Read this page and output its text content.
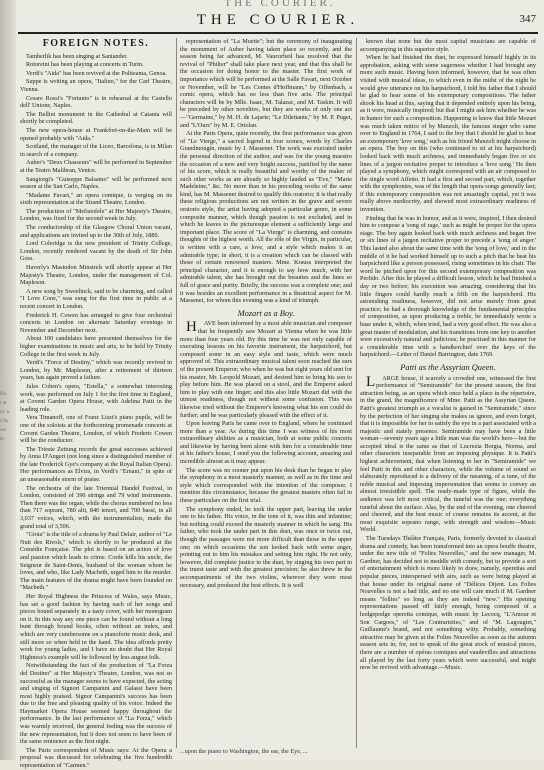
THE COURIER.
THE COURIER.	347
FOREIGN NOTES.

Tamberlik has been singing at Santander.

Rotoreini has been playing at concerts in Turin.

Verdi's "Aida" has been revived at the Politeama, Genoa.

Suppe is writing an opera, "Italino," for the Carl Theatre, Vienna.

Cesare Rossi's "Fortunio" is in rehearsal at the Castello dell' Unione, Naples.

The Bellini monument in the Cathedral at Catania will shortly be completed.

The new opera-house at Frankfort-on-the-Main will be opened probably with "Aida."

Scotland, the manager of the Liceo, Barcelona, is in Milan in search of a company.

Auber's "Deux Chasseurs" will be performed in September at the Teatro Malibran, Venice.

Sangiorgi's "Guiseppe Balsamo" will be performed next season at the San Carlo, Naples.

"Madame Favart," an opera comique, is verging on its sixth representation at the Strand Theatre, London.

The production of "Mefistofele" at Her Majesty's Theatre, London, was fixed for the second week in July.

The conductorship of the Glasgow Choral Union vacant, and applications are invited up to the 30th of July, 1880.

Lord Coleridge is the new president of Trinity College, London, recently rendered vacant by the death of Sir John Goss.

Haverly's Mastodon Minstrels will shortly appear at Her Majesty's Theatre, London, under the management of Col. Mapleson.

A new song by Sweelinck, said to be charming, and called "I Love Cone," was sung for the first time in public at a recent concert in London.

Frederick H. Cowen has arranged to give four orchestral concerts in London on alternate Saturday evenings in November and December next.

About 100 candidates have presented themselves for the higher examinations in music and arts, to be held by Trinity College in the first week in July.

Verdi's "Force of Destiny," which was recently revived in London, by Mr. Mapleson, after a retirement of thirteen years, has again proved a failure.

Jules Cohen's opera, "Estella," a somewhat interesting work, was performed on July 1 for the first time in England, at Covent Garden Opera House, with Adelina Patti in the leading role.

Vera Timanoff, one of Franz Liszt's piano pupils, will be one of the soloists at the forthcoming promenade concerts at Covent Garden Theatre, London, of which Frederic Cowen will be the conductor.

The Trieste Zeitung records the great successes achieved by Anna D'Angeri (not long since a distinguished member of the late Frederick Gye's company at the Royal Italian Opera). Her performances as Elvira, in Verdi's "Ernani," in spite of an unseasonable storm of praise.

The orchestra of the late Triennial Handel Festival, in London, consisted of 390 strings and 79 wind instruments. Then there was the organ, while the chorus numbered no less than 717 soprani, 780 alti, 840 tenori, and 700 bassi, in all 3,037 voices, which, with the instrumentalists, made the grand total of 3,506.

"Gioia" is the title of a drama by Paul Delair, author of "Le Nuit des Rivols," which is shortly to be produced at the Comédie Française. The plot is based on an action of love and passion which leads to crime. Corde kills his uncle, the Seigneur de Saint-Denis, husband of the woman whom he loves, and who, like Lady Macbeth, urged him to the murder. The main features of the drama might have been founded on "Macbeth."

Her Royal Highness the Princess of Wales, says Music, has set a good fashion by having each of her songs and pieces bound separately in a tasty cover, with her monogram on it. In this way any one piece can be found without a long hunt through bound books, often without an index, and which are very cumbersome on a pianoforte music desk, and still more so when held in the hand. The idea affords pretty work for young ladies, and I have no doubt that Her Royal Highness's example will be followed by less august folk.

Notwithstanding the fact of the production of "La Forza del Destino" at Her Majesty's Theatre, London, was not so successful as the manager seems to have expected, the acting and singing of Signori Campanini and Galassi have been most highly praised. Signor Campanini's success has been due to the free and pleasing quality of his voice. Indeed the Haymarket Opera House seemed happy throughout the performance. In the last performance of "La Forza," which was warmly received, the general feeling was the success of the new representation, but it does not seem to have been of the same eminence as the first night.

The Paris correspondent of Music says: At the Opera a proposal was discussed for celebrating the five hundredth representation of "Carmen."

representation of "La Muette"; but the ceremony of inaugurating the monument of Auber having taken place so recently, and the season being far advanced, M. Vaucorbeil has resolved that the revival of "Philter" shall take place next year, and that this shall be the occasion for doing honor to the master. The first work of importance which will be performed at the Salle Favart, next October or November, will be "Les Contes d'Hoffmann," by Offenbach, a comic opera, which has no less than five acts. The principal characters will be by Mlle. Isaac, M. Talazac, and M. Taskin. It will be preceded by other novelties, but they are works of only one act—"Germaine," by M. H. de Lajarte; "Le Dilettante," by M. P. Puget, and "L'Ours" by M. E. Ortolan.

At the Paris Opera, quite recently, the first performance was given of "Le Vierge," a sacred legend in four scenes, words by Charles Grandmougin, music by J. Massenet. The work was executed under the personal direction of the author, and was for the young maestro the occasion of a new and very bright success, justified by the name of his score, which is really beautiful and worthy of the maker of such other works as are already so highly lauded as "Eve," "Marie Madeleine," &c. No more than in his preceding works of the same kind, has M. Massenet desired to qualify this oratorio; it is that really these religious productions are not written in the grave and severe oratorio style, the artist having adopted a particular genre, in some composite manner, which though passion is not excluded, and in which he leaves to the picturesque element a sufficiently large and important place. The score of "La Vierge" is charming, and contains thoughts of the highest worth. All the rôle of the Virgin, in particular, is written with a care, a love, and a style which makes it an admirable type; in short, it is a creation which can be classed with those of certain renowned masters. Mme. Krauss interpreted the principal character, and it is enough to say how much, with her admirable talent, she has brought out the beauties and the lines so full of grace and purity. Briefly, the success was a complete one; and it was besides an excellent performance in a theatrical aspect for M. Massenet, for whom this evening was a kind of triumph.

Mozart as a Boy.

HAVE been informed by a most able musician and composer that he frequently saw Mozart at Vienna when he was little more than four years old. By this time he was not only capable of executing lessons on his favorite instrument, the harpsichord, but composed some in an easy style and taste, which were much approved of. This extraordinary musical talent soon reached the ears of the present Emperor; who when he was but eight years old sent for his master, Mr. Leopold Mozart, and desired him to bring his son to play before him. He was placed on a stool, and the Emperor asked him to play with one finger; and this also little Mozart did with the utmost readiness, though not without some confusion. This was likewise tried without the Emperor's knowing what his son could do further; and he was particularly pleased with the effect of it.

Upon leaving Paris he came over to England, where he continued more than a year. As during this time I was witness of his most extraordinary abilities as a musician, both at some public concerts and likewise by having been alone with him for a considerable time at his father's house, I send you the following account, amazing and incredible almost as it may appear.

The score was no sooner put upon his desk than he began to play the symphony in a most masterly manner, as well as in the time and style which corresponded with the intention of the composer. I mention this circumstance, because the greatest masters often fail in these particulars on the first trial.

The symphony ended, he took the upper part, leaving the under one to his father. His voice, in the tone of it, was thin and infantine; but nothing could exceed the masterly manner in which he sang. His father, who took the under part in this duet, was once or twice out, though the passages were not more difficult than those in the upper one; on which occasions the son looked back with some anger, pointing out to him his mistakes and setting him right. He not only, however, did complete justice to the duet, by singing his own part in the truest taste and with the greatest precision; he also threw in the accompaniments of the two violins, wherever they were most necessary, and produced the best effects. It is well

known that none but the most capital musicians are capable of accompanying in this superior style.

When he had finished the duet, he expressed himself highly in its approbation, asking with some eagerness whether I had brought any more such music. Having been informed, however, that he was often visited with musical ideas, to which even in the midst of the night he would give utterance on his harpsichord, I told his father that I should be glad to hear some of his extemporary compositions. The father shook his head at this, saying that it depended entirely upon his being, as it were, musically inspired; but that I might ask him whether he was in humor for such a composition. Happening to know that little Mozart was much taken notice of by Manzoli, the famous singer who came over to England in 1764, I said to the boy that I should be glad to hear an extemporary 'love song,' such as his friend Manzoli might choose in an opera. The boy on this (who continued to sit at his harpsichord) looked back with much archness, and immediately began five or six lines of a jargon recitative proper to introduce a 'love song.' He then played a symphony, which might correspond with an air composed to the single word Affetto. It had a first and second part, which, together with the symphonies, was of the length that opera songs generally last; if this extemporary composition was not amazingly capital, yet it was really above mediocrity, and showed most extraordinary readiness of invention.

Finding that he was in humor, and as it were, inspired, I then desired him to compose a 'song of rage,' such as might be proper for the opera stage. The boy again looked back with much archness and began five or six lines of a jargon recitative proper to precede a 'song of anger.' This lasted also about the same time with the 'song of love,' and in the middle of it he had worked himself up to such a pitch that he beat his harpsichord like a person possessed, rising sometimes in his chair. The word he pitched upon for this second extemporary composition was Perfido. After this he played a difficult lesson, which he had finished a day or two before; his execution was amazing, considering that his little fingers could hardly reach a fifth on the harpsichord. His astonishing readiness, however, did not arise merely from great practice; he had a thorough knowledge of the fundamental principles of composition, as upon producing a treble, he immediately wrote a base under it, which, when tried, had a very good effect. He was also a great master of modulation, and his transitions from one key to another were excessively natural and judicious; he practised in this manner for a considerable time with a handkerchief over the keys of the harpsichord.—Letter of Daniel Barrington, date 1769.

Patti as the Assyrian Queen.

LARGE house, if scarcely a crowded one, witnessed the first performance of "Semiramide" for the present season, the first attraction being, as an opera which once held a place in the répertoire, in the grand, the magnificence of Mme. Patti as the Assyrian Queen. Patti's greatest triumph as a vocalist is gained in "Semiramide," since by the perfection of her singing she makes us ignore, and even forget, that it is impossible for her to satisfy the eye in a part associated with a majestic and stately presence. Semiramide may have been a little woman—seventy years ago a little man was the world's hero—but the accepted ideal is the same as that of Lucrezia Borgia, Norma, and other characters inseparable from an imposing physique. It is Patti's highest achievement, that when listening to her in "Semiramide" we feel Patti in this and other characters, while the volume of sound so elaborately reproduced is a delivery of the meaning, of a tune, of the noble musical and imposing impersonation that seems to convey an almost irresistible spell. The ready-made type of figure, while the audience was left most critical, the tuneful was the one; everything tuneful about the surface. Alas, by the end of the evening, one cheered and cheered, and the best music of course remains its accent, at the most exquisite soprano range, with strength and wisdom—Music World.

The Tuesdays Théâtre Français, Paris, formerly devoted to classical drama and comedy, has been transformed into an opera bouffe theatre, under the new title of "Folies Nouvelles," and the new manager, M. Gardner, has decided not to meddle with comedy, but to provide a sort of entertainment which is more likely to draw, namely, operettas and popular pieces, interspersed with airs, such as were being played at that house under its original name of "Délices Dijent. Les Folies Nouvelles is not a bad title, and no one will care much if M. Gardner means "follies" so long as they are indeed "new." His opening representations passed off fairly enough, being composed of a hodgepodge operetta comique, with music by Lecocq, "L'Amour et Son Cargoes," of "Les Contrarieties," and of "M. Lagougiet," Guillaume's brand, and not something witty. Probably, something attractive may be given at the Folies Nouvelles as soon as the autumn season sets in; for, not to speak of the great stock of musical pieces, there are a number of opéras comiques and vaudevilles and attractions all played by the last forty years which were successful, and might now be revived with advantage.—Music.

...upon the piano to Washington, the ear, the Eye, ...
No.
r at
ys' a
c by
we
to
